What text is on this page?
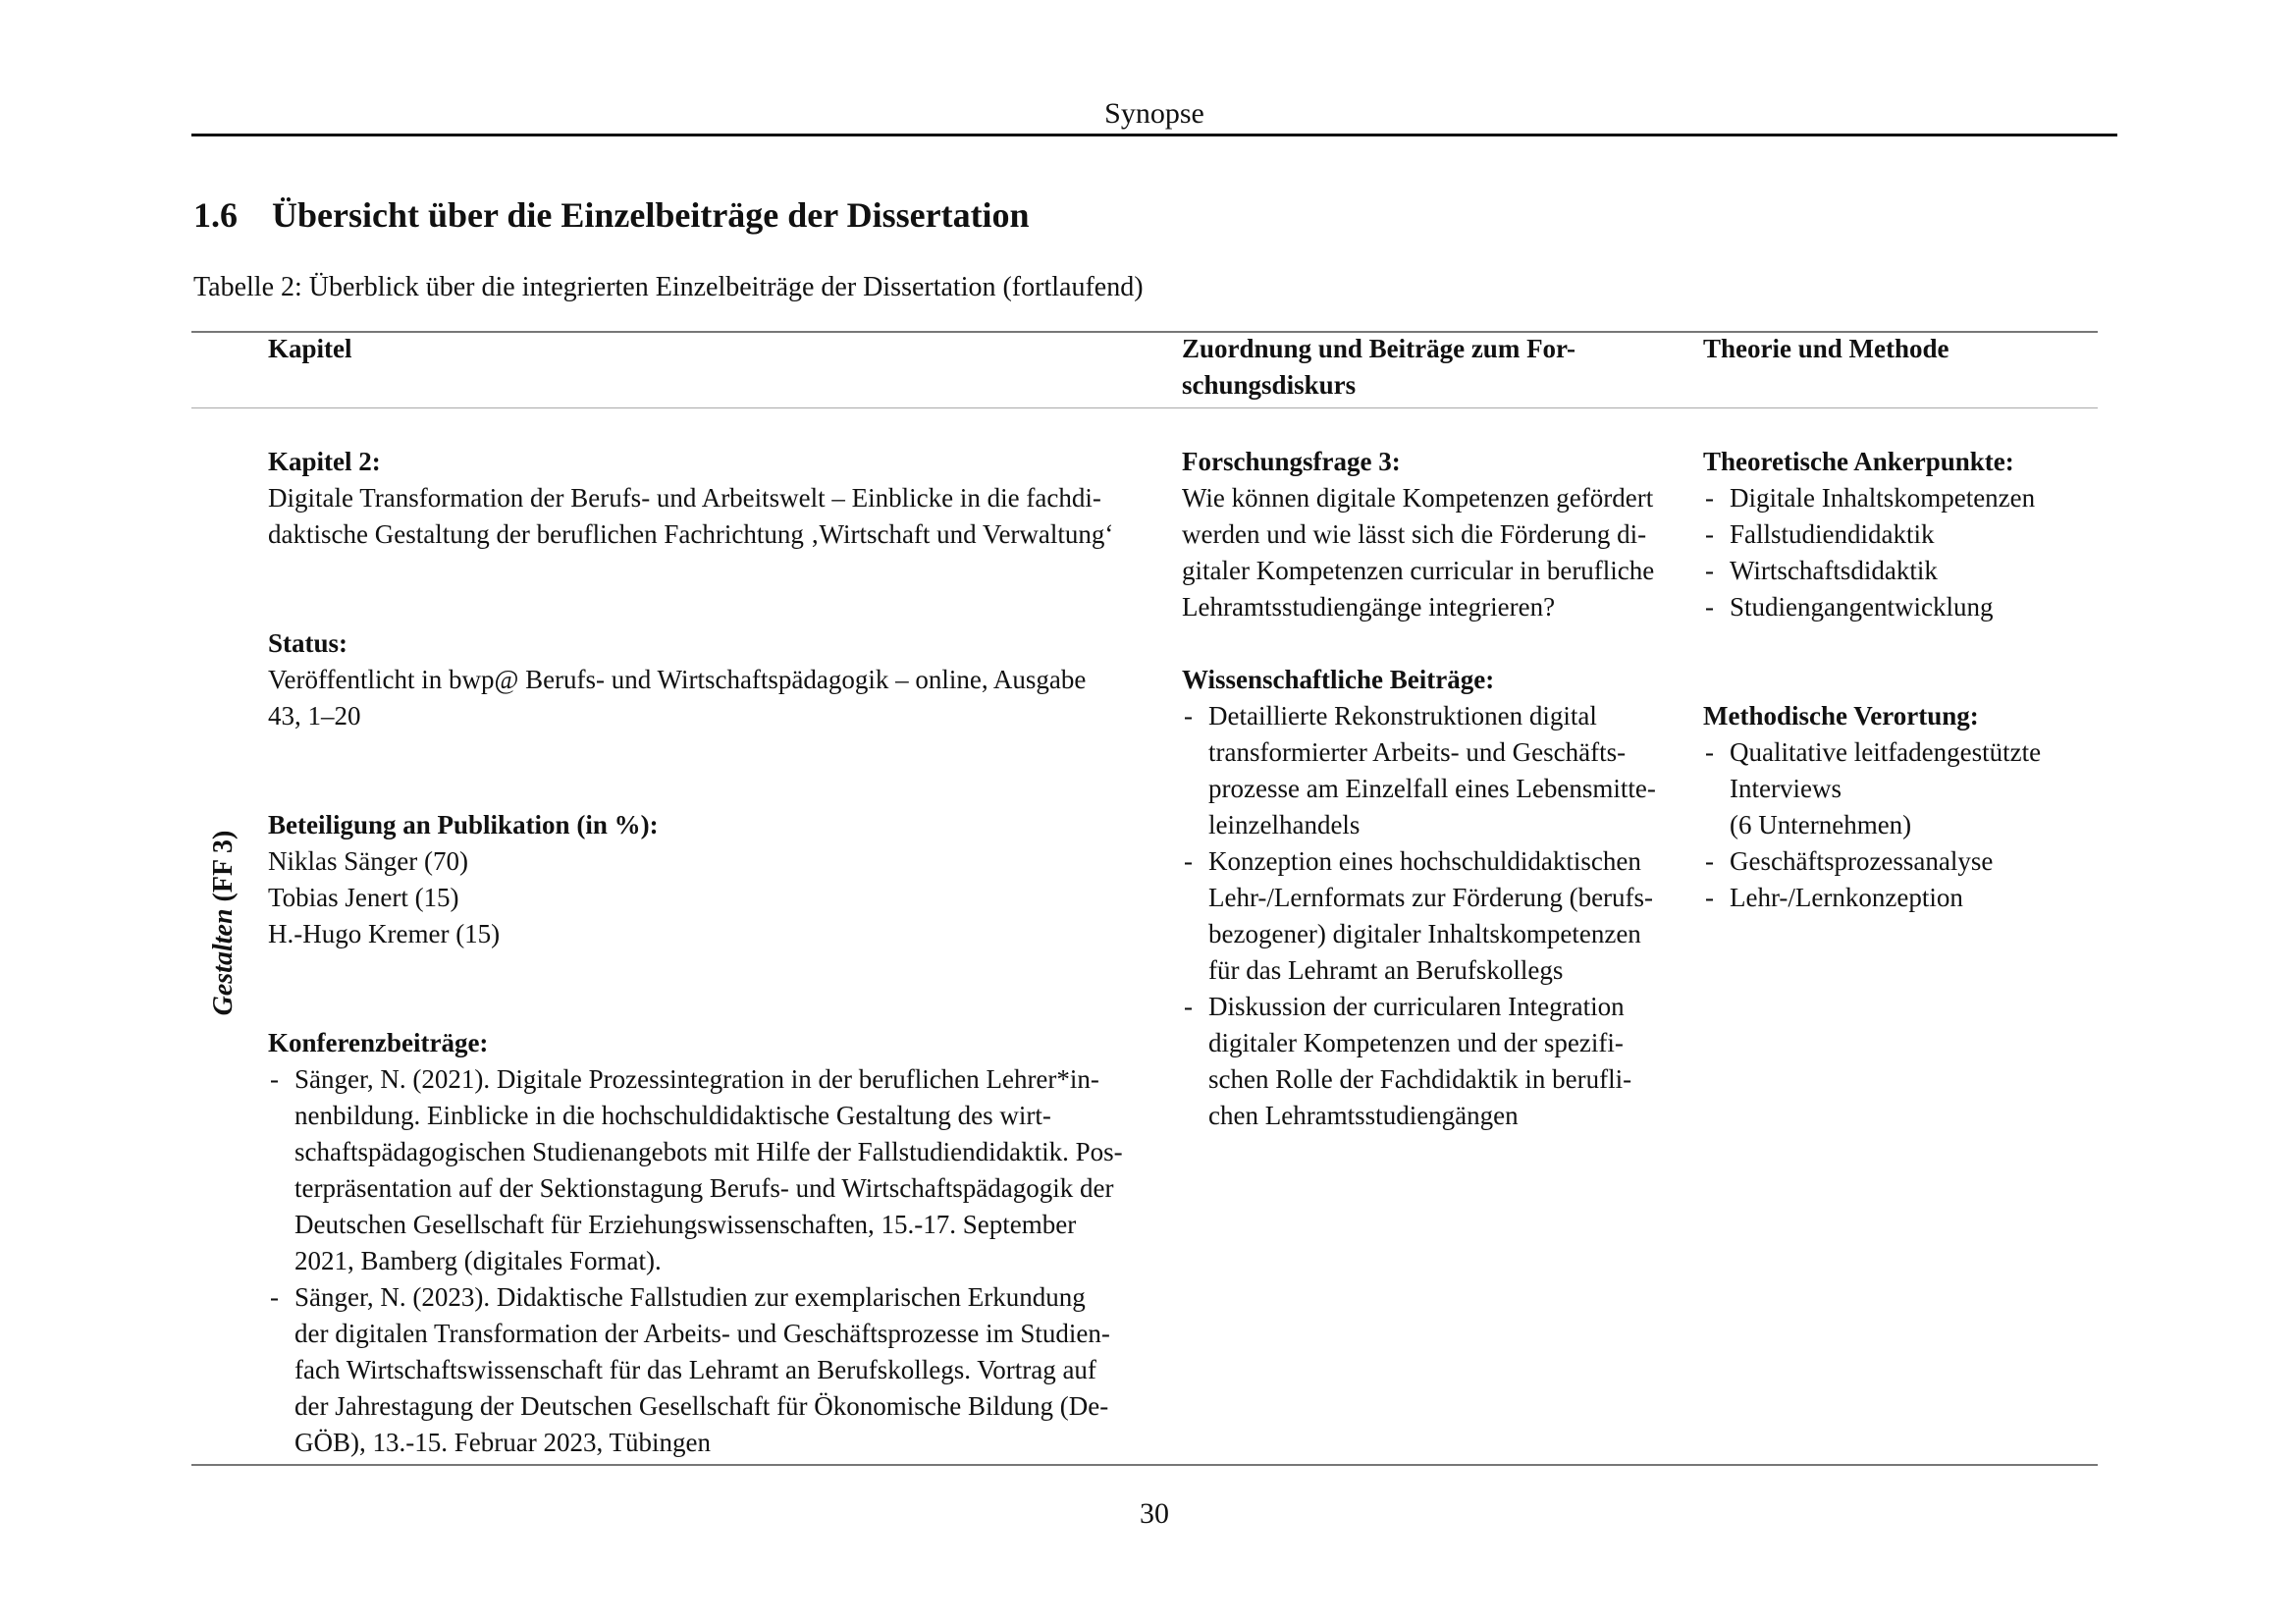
Synopse
1.6 Übersicht über die Einzelbeiträge der Dissertation
Tabelle 2: Überblick über die integrierten Einzelbeiträge der Dissertation (fortlaufend)
Kapitel	Zuordnung und Beiträge zum For-
schungsdiskurs
Theorie und Methode
Gestalten (FF 3)

Kapitel 2:

Digitale Transformation der Berufs- und Arbeitswelt – Einblicke in die fachdi-

daktische Gestaltung der beruflichen Fachrichtung ‚Wirtschaft und Verwaltung‘

Status:

Veröffentlicht in bwp@ Berufs- und Wirtschaftspädagogik – online, Ausgabe

43, 1–20

Beteiligung an Publikation (in %):

Niklas Sänger (70)

Tobias Jenert (15)

H.-Hugo Kremer (15)

Konferenzbeiträge:

- Sänger, N. (2021). Digitale Prozessintegration in der beruflichen Lehrer*in-
nenbildung. Einblicke in die hochschuldidaktische Gestaltung des wirt-
schaftspädagogischen Studienangebots mit Hilfe der Fallstudiendidaktik. Pos-
terpräsentation auf der Sektionstagung Berufs- und Wirtschaftspädagogik der
Deutschen Gesellschaft für Erziehungswissenschaften, 15.-17. September
2021, Bamberg (digitales Format).
- Sänger, N. (2023). Didaktische Fallstudien zur exemplarischen Erkundung
der digitalen Transformation der Arbeits- und Geschäftsprozesse im Studien-
fach Wirtschaftswissenschaft für das Lehramt an Berufskollegs. Vortrag auf
der Jahrestagung der Deutschen Gesellschaft für Ökonomische Bildung (De-
GÖB), 13.-15. Februar 2023, Tübingen

Forschungsfrage 3:

Wie können digitale Kompetenzen gefördert

werden und wie lässt sich die Förderung di-

gitaler Kompetenzen curricular in berufliche

Lehramtsstudiengänge integrieren?

Wissenschaftliche Beiträge:

- Detaillierte Rekonstruktionen digital
transformierter Arbeits- und Geschäfts-
prozesse am Einzelfall eines Lebensmitte-
leinzelhandels
- Konzeption eines hochschuldidaktischen
Lehr-/Lernformats zur Förderung (berufs-
bezogener) digitaler Inhaltskompetenzen
für das Lehramt an Berufskollegs
- Diskussion der curricularen Integration
digitaler Kompetenzen und der spezifi-
schen Rolle der Fachdidaktik in berufli-
chen Lehramtsstudiengängen

Theoretische Ankerpunkte:

- Digitale Inhaltskompetenzen
- Fallstudiendidaktik
- Wirtschaftsdidaktik
- Studiengangentwicklung

Methodische Verortung:

- Qualitative leitfadengestützte
Interviews
(6 Unternehmen)
- Geschäftsprozessanalyse
- Lehr-/Lernkonzeption
30
